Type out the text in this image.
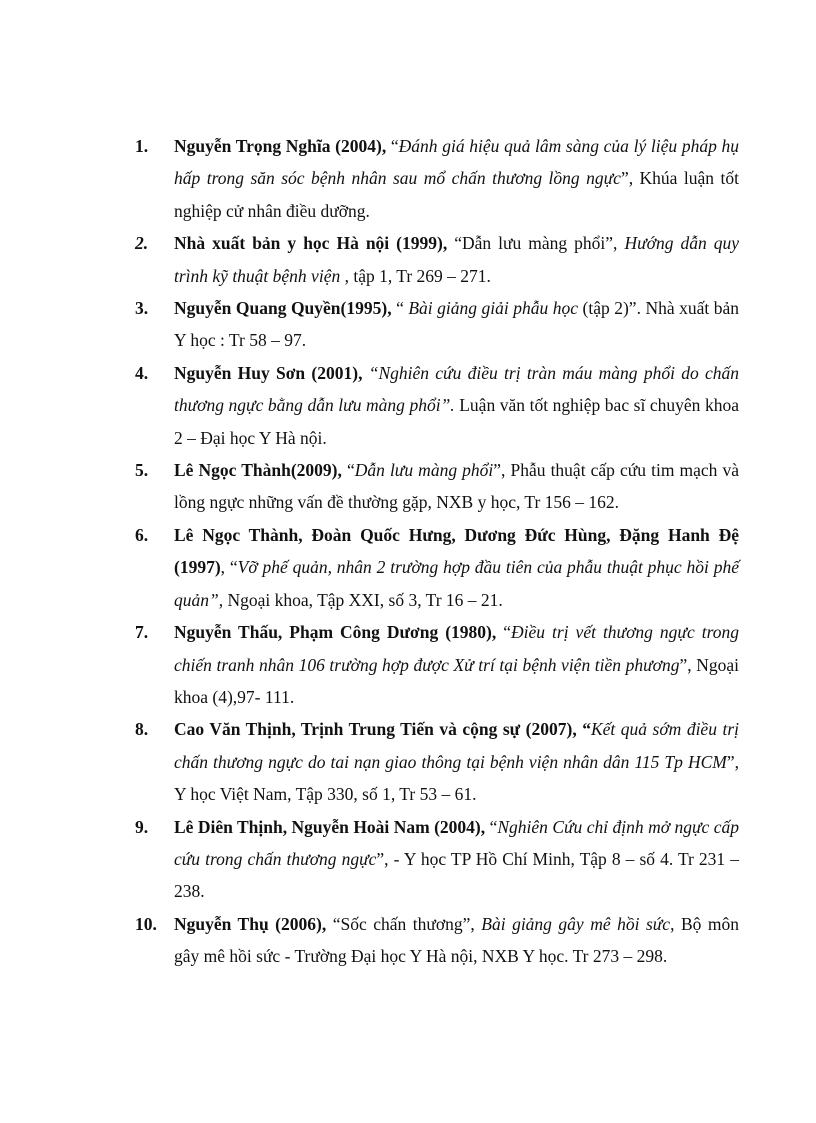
1. Nguyễn Trọng Nghĩa (2004), “Đánh giá hiệu quả lâm sàng của lý liệu pháp hụ hấp trong săn sóc bệnh nhân sau mổ chấn thương lồng ngực”, Khúa luận tốt nghiệp cử nhân điều dưỡng.
2. Nhà xuất bản y học Hà nội (1999), “Dẫn lưu màng phổi”, Hướng dẫn quy trình kỹ thuật bệnh viện , tập 1, Tr 269 – 271.
3. Nguyễn Quang Quyền(1995), “ Bài giảng giải phẫu học (tập 2)”. Nhà xuất bản Y học : Tr 58 – 97.
4. Nguyễn Huy Sơn (2001), “Nghiên cứu điều trị tràn máu màng phổi do chấn thương ngực bằng dẫn lưu màng phổi”. Luận văn tốt nghiệp bac sĩ chuyên khoa 2 – Đại học Y Hà nội.
5. Lê Ngọc Thành(2009), “Dẫn lưu màng phổi”, Phẫu thuật cấp cứu tim mạch và lồng ngực những vấn đề thường gặp, NXB y học, Tr 156 – 162.
6. Lê Ngọc Thành, Đoàn Quốc Hưng, Dương Đức Hùng, Đặng Hanh Đệ (1997), “Vỡ phế quản, nhân 2 trường hợp đầu tiên của phẫu thuật phục hồi phế quản”, Ngoại khoa, Tập XXI, số 3, Tr 16 – 21.
7. Nguyễn Thấu, Phạm Công Dương (1980), “Điều trị vết thương ngực trong chiến tranh nhân 106 trường hợp được Xử trí tại bệnh viện tiền phương”, Ngoại khoa (4),97- 111.
8. Cao Văn Thịnh, Trịnh Trung Tiến và cộng sự (2007), “Kết quả sớm điều trị chấn thương ngực do tai nạn giao thông tại bệnh viện nhân dân 115 Tp HCM”, Y học Việt Nam, Tập 330, số 1, Tr 53 – 61.
9. Lê Diên Thịnh, Nguyễn Hoài Nam (2004), “Nghiên Cứu chỉ định mở ngực cấp cứu trong chấn thương ngực”, - Y học TP Hồ Chí Minh, Tập 8 – số 4. Tr 231 – 238.
10. Nguyễn Thụ (2006), “Sốc chấn thương”, Bài giảng gây mê hồi sức, Bộ môn gây mê hồi sức - Trường Đại học Y Hà nội, NXB Y học. Tr 273 – 298.
